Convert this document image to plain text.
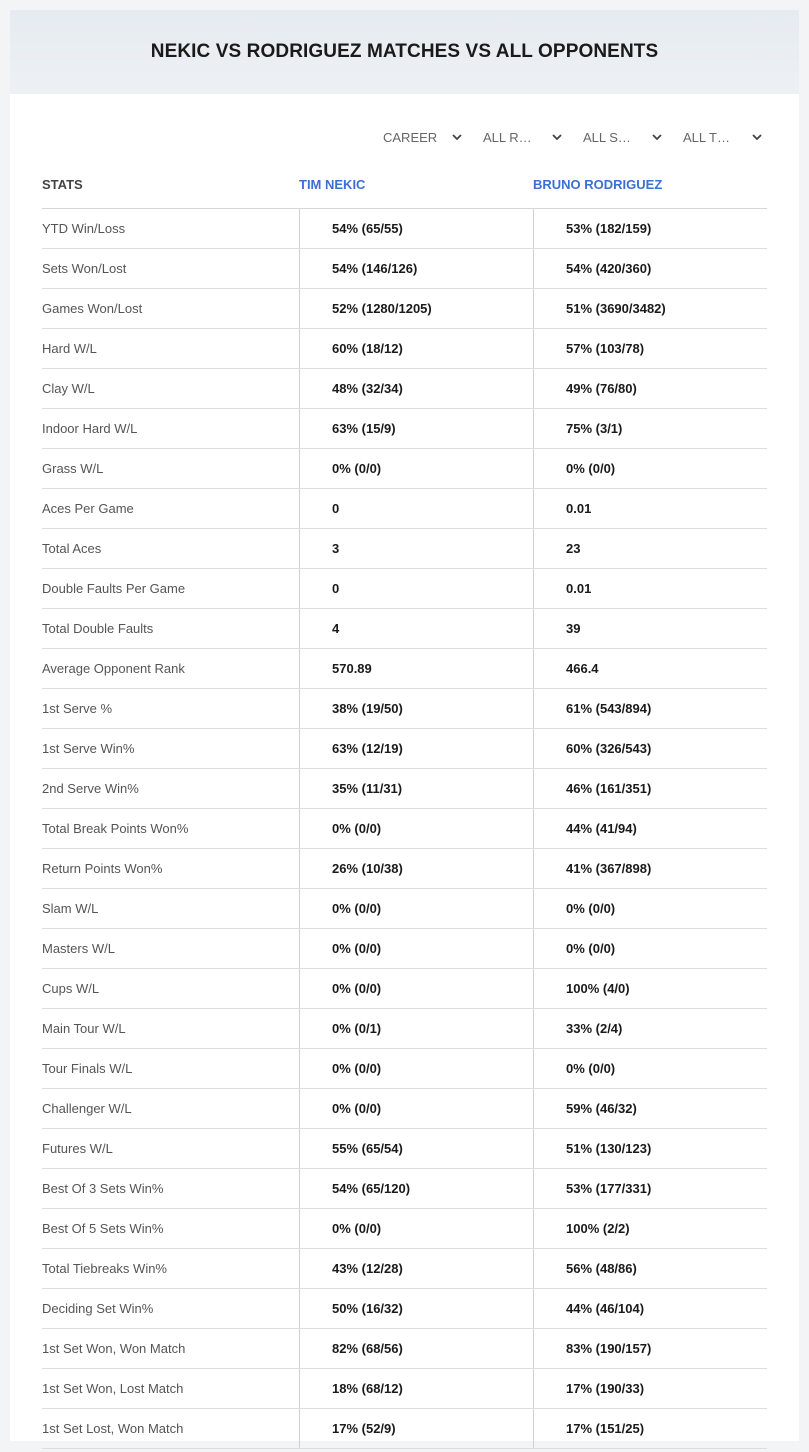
NEKIC VS RODRIGUEZ MATCHES VS ALL OPPONENTS
CAREER	ALL R…	ALL S…	ALL T…
STATS	TIM NEKIC	BRUNO RODRIGUEZ
YTD Win/Loss	54% (65/55)	53% (182/159)
Sets Won/Lost	54% (146/126)	54% (420/360)
Games Won/Lost	52% (1280/1205)	51% (3690/3482)
Hard W/L	60% (18/12)	57% (103/78)
Clay W/L	48% (32/34)	49% (76/80)
Indoor Hard W/L	63% (15/9)	75% (3/1)
Grass W/L	0% (0/0)	0% (0/0)
Aces Per Game	0	0.01
Total Aces	3	23
Double Faults Per Game	0	0.01
Total Double Faults	4	39
Average Opponent Rank	570.89	466.4
1st Serve %	38% (19/50)	61% (543/894)
1st Serve Win%	63% (12/19)	60% (326/543)
2nd Serve Win%	35% (11/31)	46% (161/351)
Total Break Points Won%	0% (0/0)	44% (41/94)
Return Points Won%	26% (10/38)	41% (367/898)
Slam W/L	0% (0/0)	0% (0/0)
Masters W/L	0% (0/0)	0% (0/0)
Cups W/L	0% (0/0)	100% (4/0)
Main Tour W/L	0% (0/1)	33% (2/4)
Tour Finals W/L	0% (0/0)	0% (0/0)
Challenger W/L	0% (0/0)	59% (46/32)
Futures W/L	55% (65/54)	51% (130/123)
Best Of 3 Sets Win%	54% (65/120)	53% (177/331)
Best Of 5 Sets Win%	0% (0/0)	100% (2/2)
Total Tiebreaks Win%	43% (12/28)	56% (48/86)
Deciding Set Win%	50% (16/32)	44% (46/104)
1st Set Won, Won Match	82% (68/56)	83% (190/157)
1st Set Won, Lost Match	18% (68/12)	17% (190/33)
1st Set Lost, Won Match	17% (52/9)	17% (151/25)
